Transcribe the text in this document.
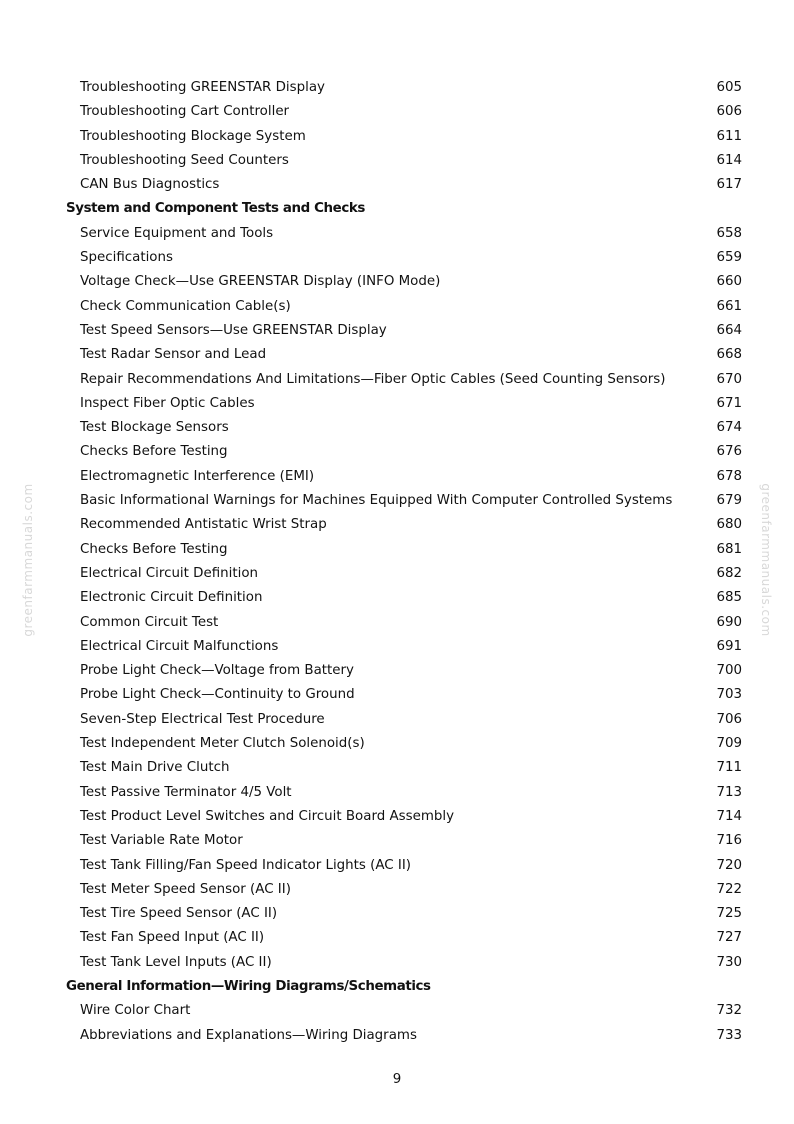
greenfarmmanuals.com	greenfarmmanuals.com
Troubleshooting GREENSTAR Display	605
Troubleshooting Cart Controller	606
Troubleshooting Blockage System	611
Troubleshooting Seed Counters	614
CAN Bus Diagnostics	617
System and Component Tests and Checks
Service Equipment and Tools	658
Specifications	659
Voltage Check—Use GREENSTAR Display (INFO Mode)	660
Check Communication Cable(s)	661
Test Speed Sensors—Use GREENSTAR Display	664
Test Radar Sensor and Lead	668
Repair Recommendations And Limitations—Fiber Optic Cables (Seed Counting Sensors)	670
Inspect Fiber Optic Cables	671
Test Blockage Sensors	674
Checks Before Testing	676
Electromagnetic Interference (EMI)	678
Basic Informational Warnings for Machines Equipped With Computer Controlled Systems	679
Recommended Antistatic Wrist Strap	680
Checks Before Testing	681
Electrical Circuit Definition	682
Electronic Circuit Definition	685
Common Circuit Test	690
Electrical Circuit Malfunctions	691
Probe Light Check—Voltage from Battery	700
Probe Light Check—Continuity to Ground	703
Seven-Step Electrical Test Procedure	706
Test Independent Meter Clutch Solenoid(s)	709
Test Main Drive Clutch	711
Test Passive Terminator 4/5 Volt	713
Test Product Level Switches and Circuit Board Assembly	714
Test Variable Rate Motor	716
Test Tank Filling/Fan Speed Indicator Lights (AC II)	720
Test Meter Speed Sensor (AC II)	722
Test Tire Speed Sensor (AC II)	725
Test Fan Speed Input (AC II)	727
Test Tank Level Inputs (AC II)	730
General Information—Wiring Diagrams/Schematics
Wire Color Chart	732
Abbreviations and Explanations—Wiring Diagrams	733
9
